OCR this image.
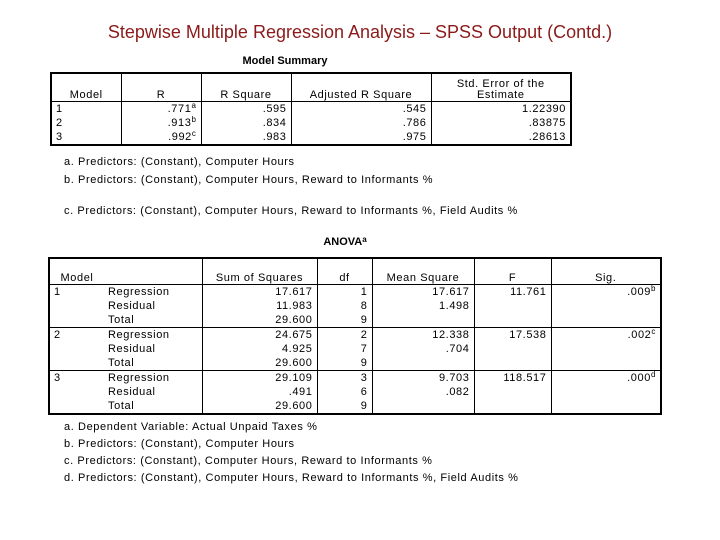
Stepwise Multiple Regression Analysis – SPSS Output (Contd.)
Model Summary
Model	R	R Square	Adjusted R Square	Std. Error of the Estimate
1	.771$^a$	.595	.545	1.22390
2	.913$^b$	.834	.786	.83875
3	.992$^c$	.983	.975	.28613
a. Predictors: (Constant), Computer Hours
b. Predictors: (Constant), Computer Hours, Reward to Informants %
c. Predictors: (Constant), Computer Hours, Reward to Informants %, Field Audits %
ANOVA$^a$
Model		Sum of Squares	df	Mean Square	F	Sig.
1	Regression	17.617	1	17.617	11.761	.009$^b$
	Residual	11.983	8	1.498		
	Total	29.600	9			
2	Regression	24.675	2	12.338	17.538	.002$^c$
	Residual	4.925	7	.704		
	Total	29.600	9			
3	Regression	29.109	3	9.703	118.517	.000$^d$
	Residual	.491	6	.082		
	Total	29.600	9			
a. Dependent Variable: Actual Unpaid Taxes %
b. Predictors: (Constant), Computer Hours
c. Predictors: (Constant), Computer Hours, Reward to Informants %
d. Predictors: (Constant), Computer Hours, Reward to Informants %, Field Audits %
